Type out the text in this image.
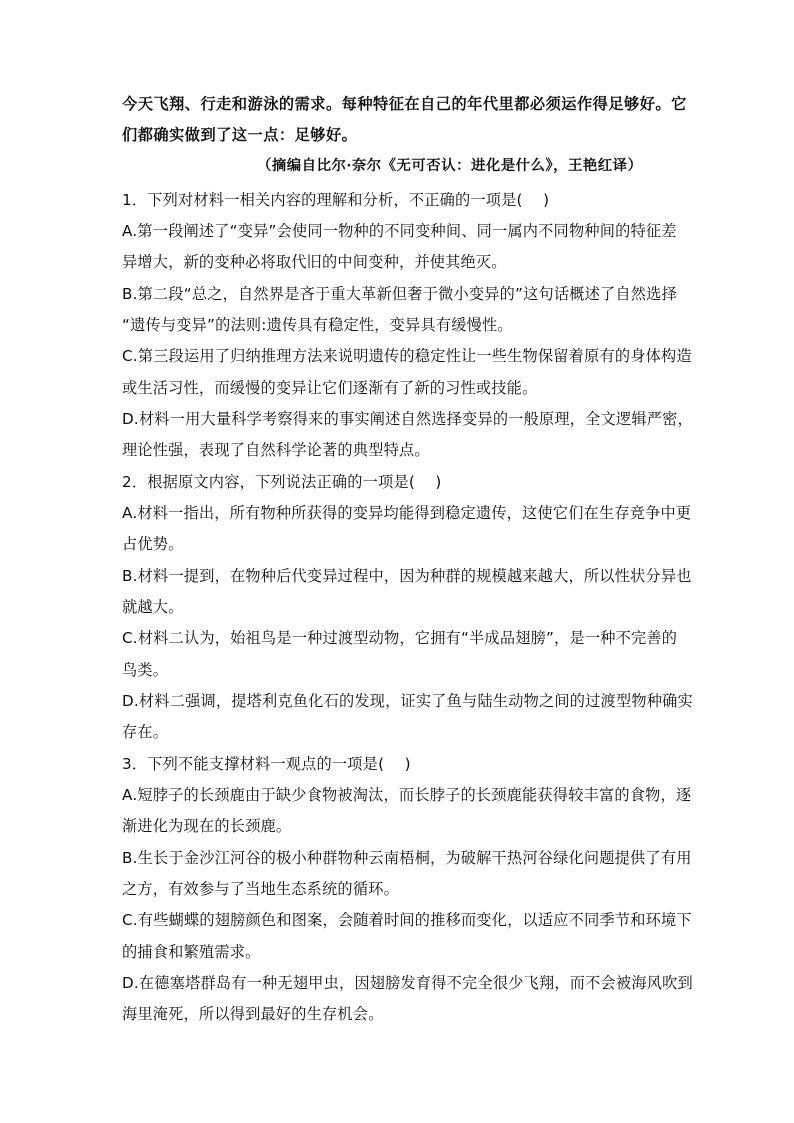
今天飞翔、行走和游泳的需求。每种特征在自己的年代里都必须运作得足够好。它
们都确实做到了这一点：足够好。
（摘编自比尔·奈尔《无可否认：进化是什么》，王艳红译）
1．下列对材料一相关内容的理解和分析，不正确的一项是(　 )
A.第一段阐述了“变异”会使同一物种的不同变种间、同一属内不同物种间的特征差
异增大，新的变种必将取代旧的中间变种，并使其绝灭。
B.第二段“总之，自然界是吝于重大革新但奢于微小变异的”这句话概述了自然选择
“遗传与变异”的法则:遗传具有稳定性，变异具有缓慢性。
C.第三段运用了归纳推理方法来说明遗传的稳定性让一些生物保留着原有的身体构造
或生活习性，而缓慢的变异让它们逐渐有了新的习性或技能。
D.材料一用大量科学考察得来的事实阐述自然选择变异的一般原理，全文逻辑严密，
理论性强，表现了自然科学论著的典型特点。
2．根据原文内容，下列说法正确的一项是(　 )
A.材料一指出，所有物种所获得的变异均能得到稳定遗传，这使它们在生存竞争中更
占优势。
B.材料一提到，在物种后代变异过程中，因为种群的规模越来越大，所以性状分异也
就越大。
C.材料二认为，始祖鸟是一种过渡型动物，它拥有“半成品翅膀”，是一种不完善的
鸟类。
D.材料二强调，提塔利克鱼化石的发现，证实了鱼与陆生动物之间的过渡型物种确实
存在。
3．下列不能支撑材料一观点的一项是(　 )
A.短脖子的长颈鹿由于缺少食物被淘汰，而长脖子的长颈鹿能获得较丰富的食物，逐
渐进化为现在的长颈鹿。
B.生长于金沙江河谷的极小种群物种云南梧桐，为破解干热河谷绿化问题提供了有用
之方，有效参与了当地生态系统的循环。
C.有些蝴蝶的翅膀颜色和图案，会随着时间的推移而变化，以适应不同季节和环境下
的捕食和繁殖需求。
D.在德塞塔群岛有一种无翅甲虫，因翅膀发育得不完全很少飞翔，而不会被海风吹到
海里淹死，所以得到最好的生存机会。
